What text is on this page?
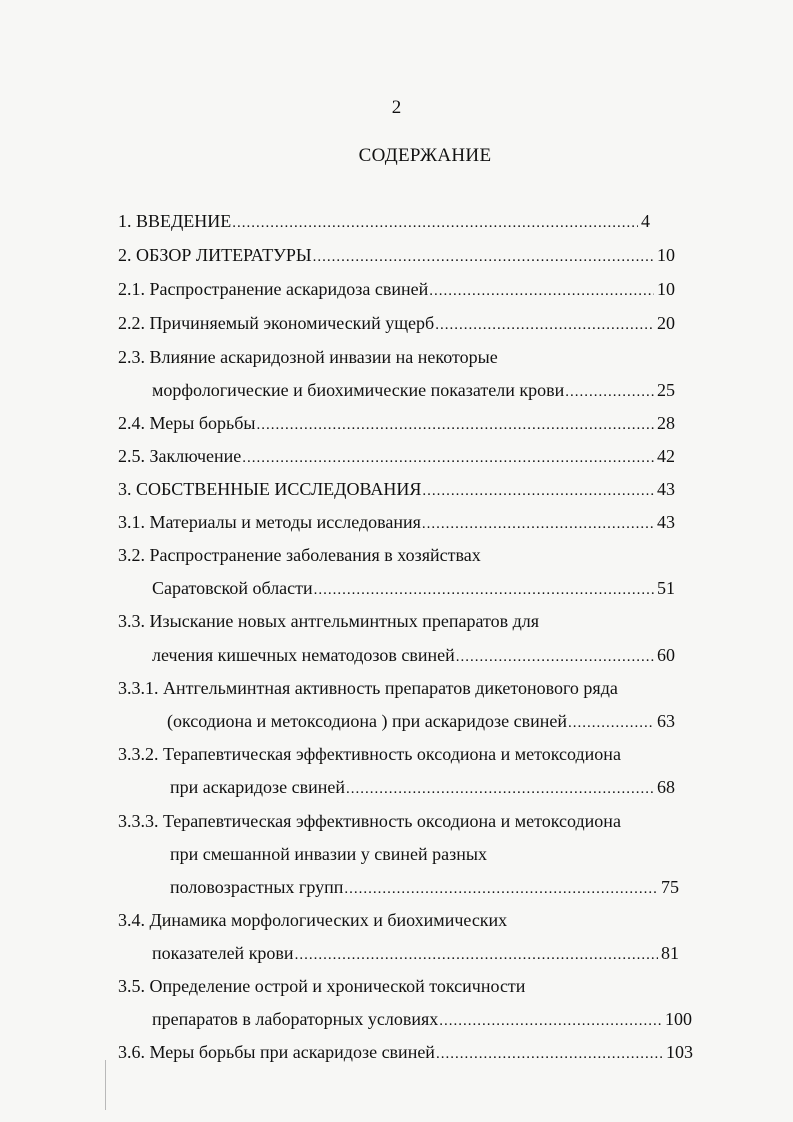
2
СОДЕРЖАНИЕ
1. ВВЕДЕНИЕ .....	4
2. ОБЗОР ЛИТЕРАТУРЫ .....	10
2.1. Распространение аскаридоза свиней .....	10
2.2. Причиняемый экономический ущерб .....	20
2.3. Влияние аскаридозной инвазии на некоторые
морфологические и биохимические показатели крови .....	25
2.4. Меры борьбы .....	28
2.5. Заключение .....	42
3. СОБСТВЕННЫЕ ИССЛЕДОВАНИЯ .....	43
3.1. Материалы и методы исследования .....	43
3.2. Распространение заболевания в хозяйствах
Саратовской области .....	51
3.3. Изыскание новых антгельминтных препаратов для
лечения кишечных нематодозов свиней .....	60
3.3.1. Антгельминтная активность препаратов дикетонового ряда
(оксодиона и метоксодиона ) при аскаридозе свиней .....	63
3.3.2. Терапевтическая эффективность оксодиона и метоксодиона
при аскаридозе свиней .....	68
3.3.3. Терапевтическая эффективность оксодиона и метоксодиона
при смешанной инвазии у свиней разных
половозрастных групп .....	75
3.4. Динамика морфологических и биохимических
показателей крови .....	81
3.5. Определение острой и хронической токсичности
препаратов в лабораторных условиях .....	100
3.6. Меры борьбы при аскаридозе свиней .....	103
